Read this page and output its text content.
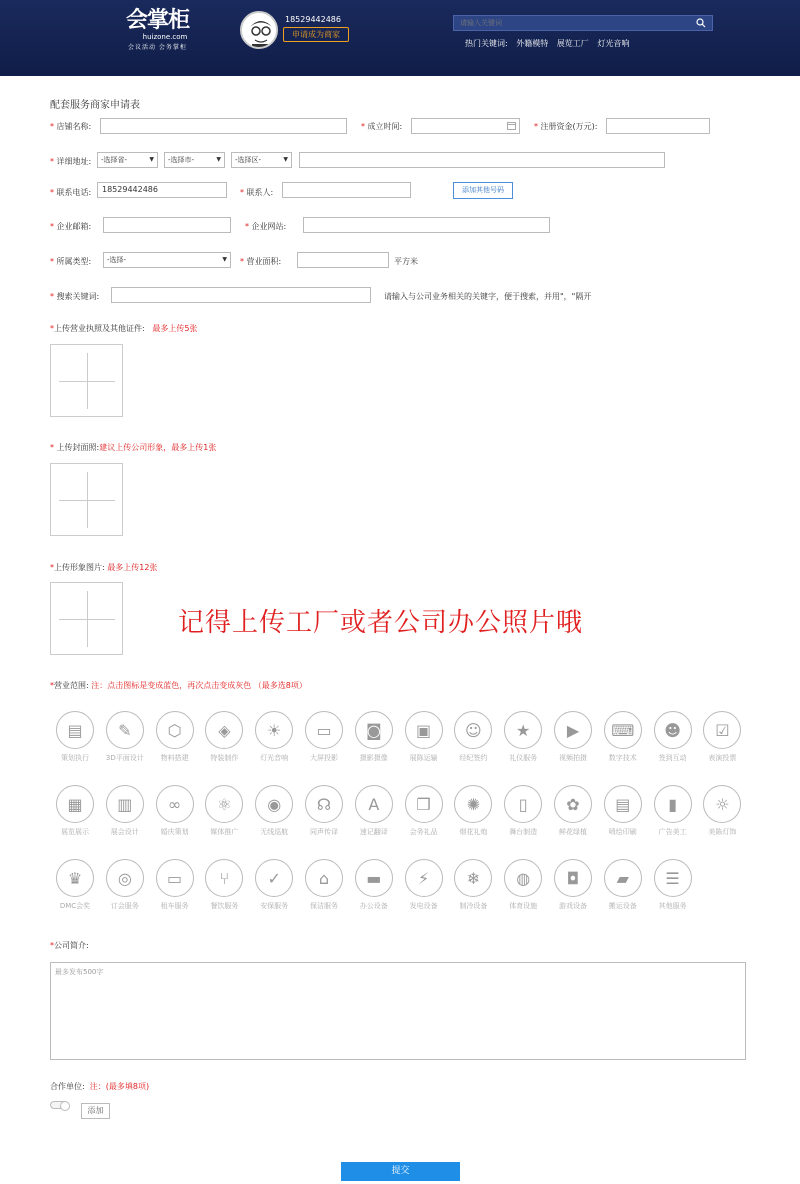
会掌柜
huizone.com
会议活动 会务掌柜
18529442486
申请成为商家
请输入关键词
热门关键词: 外籍模特 展览工厂 灯光音响
配套服务商家申请表
* 店铺名称:	* 成立时间:	* 注册资金(万元):
* 详细地址:	-选择省- ▼	-选择市- ▼	-选择区- ▼
* 联系电话:	18529442486	* 联系人:	添加其他号码
* 企业邮箱:	* 企业网站:
* 所属类型:	-选择- ▼	* 营业面积:	平方米
* 搜索关键词:	请输入与公司业务相关的关键字，便于搜索，并用"，"隔开
*上传营业执照及其他证件: 最多上传5张
* 上传封面照:建议上传公司形象，最多上传1张
*上传形象图片: 最多上传12张
记得上传工厂或者公司办公照片哦
*营业范围: 注：点击图标是变成蓝色，再次点击变成灰色 （最多选8项）
▤
策划执行
✎
3D平面设计
⬡
物料搭建
◈
特装制作
☀
灯光音响
▭
大屏投影
◙
摄影摄像
▣
展陈运输
☺
经纪签约
★
礼仪服务
▶
视频拍摄
⌨
数字技术
☻
签到互动
☑
表演投票
▦
展览展示
▥
展会设计
∞
婚庆策划
⚛
媒体推广
◉
无线巡航
☊
同声传译
A
速记翻译
❒
会务礼品
✺
烟花礼炮
▯
舞台制造
✿
鲜花绿植
▤
喷绘印刷
▮
广告美工
☼
美陈灯饰
♛
DMC会奖
◎
订会服务
▭
租车服务
⑂
餐饮服务
✓
安保服务
⌂
保洁服务
▬
办公设备
⚡
发电设备
❄
制冷设备
◍
体育设施
◘
游戏设备
▰
搬运设备
☰
其他服务
*公司简介:
最多发布500字
合作单位: 注：(最多填8项)
添加
提交
